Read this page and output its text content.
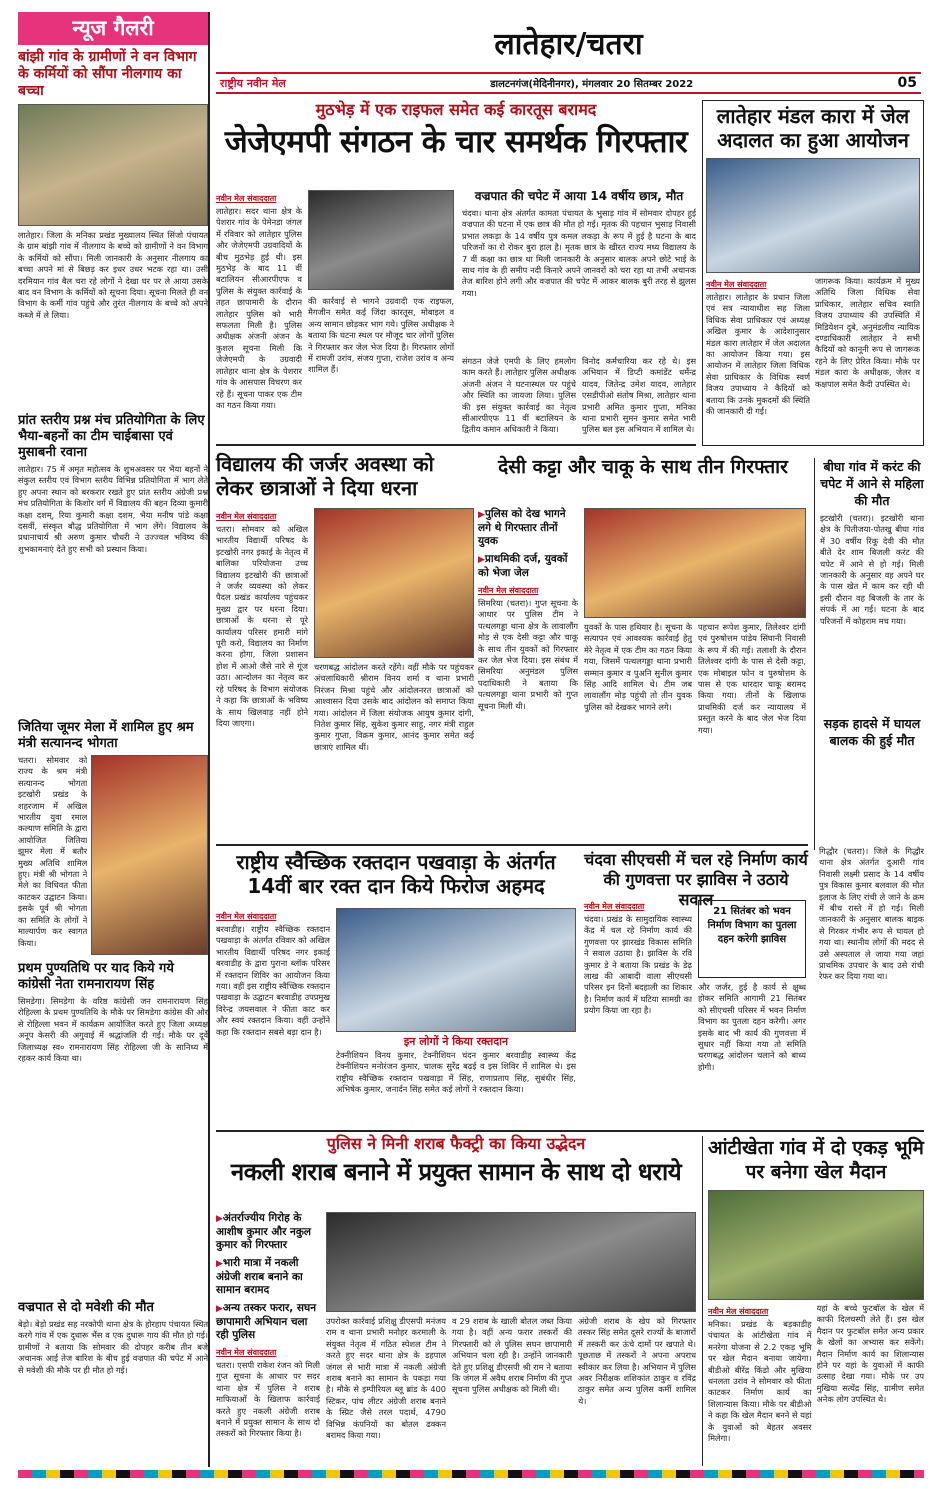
न्यूज गैलरी
बांझी गांव के ग्रामीणों ने वन विभाग के कर्मियों को सौंपा नीलगाय का बच्चा
लातेहार। जिला के मनिका प्रखंड मुख्यालय स्थित सिंजो पंचायत के ग्राम बांझी गांव में नीलगाय के बच्चे को ग्रामीणों ने वन विभाग के कर्मियों को सौंपा। मिली जानकारी के अनुसार नीलगाय का बच्चा अपने मां से बिछड़ कर इधर उधर भटक रहा था। उसी दरमियान गांव बैल चरा रहे लोगों ने देखा घर पर ले आया उसके बाद वन विभाग के कर्मियों को सूचना दिया। सूचना मिलते ही वन विभाग के कर्मी गांव पहुंचे और तुरंत नीलगाय के बच्चे को अपने कब्जे में ले लिया।
प्रांत स्तरीय प्रश्न मंच प्रतियोगिता के लिए भैया-बहनों का टीम चाईबासा एवं मुसाबनी रवाना
लातेहार। 75 में अमृत महोत्सव के शुभअवसर पर भैया बहनों ने संकुल स्तरीय एवं विभाग स्तरीय विभिन्न प्रतियोगिता में भाग लेते हुए अपना स्थान को बरकरार रखते हुए प्रांत स्तरीय अंग्रेजी प्रश्न मंच प्रतियोगिता के किशोर वर्ग में विद्यालय की बहन दिव्या कुमारी कक्षा दशम्, रिया कुमारी कक्षा दशम, भैया मनीष पांडे कक्षा दसवीं, संस्कृत बौद्ध प्रतियोगिता में भाग लेंगे। विद्यालय के प्रधानाचार्य श्री अरुण कुमार चौधरी ने उज्ज्वल भविष्य की शुभकामनाएं देते हुए सभी को प्रस्थान किया।
जितिया जूमर मेला में शामिल हुए श्रम मंत्री सत्यानन्द भोगता
चतरा। सोमवार को राज्य के श्रम मंत्री सत्यानन्द भोगता इटखोरी प्रखंड के शहरजाम में अखिल भारतीय युवा रमाल कल्याण समिति के द्वारा आयोजित जितिया झूमर मेला में बतौर मुख्य अतिथि शामिल हुए। मंत्री श्री भोगता ने मेले का विधिवत फीता काटकर उद्घाटन किया। इसके पूर्व श्री भोगता का समिति के लोगों ने माल्यार्पण कर स्वागत किया।
प्रथम पुण्यतिथि पर याद किये गये कांग्रेसी नेता रामनारायण सिंह
सिमडेगा। सिमडेगा के वरिष्ठ कांग्रेसी जन रामनारायण सिंह रोहिल्ला के प्रथम पुण्यतिथि के मौके पर सिमडेगा कांग्रेस की ओर से रोहिल्ला भवन में कार्यक्रम आयोजित करते हुए जिला अध्यक्ष अनूप केसरी की अगुवाई में श्रद्धांजलि दी गई। मौके पर दूर्वे जिलाध्यक्ष स्व० रामनारायण सिंह रोहिल्ला जी के सानिध्य में रहकर कार्य किया था।
वज्रपात से दो मवेशी की मौत
बेड़ो। बेड़ो प्रखंड सह नरकोपी थाना क्षेत्र के होरहाप पंचायत स्थित करगे गांव में एक दुधारू भैंस व एक दुधारू गाय की मौत हो गई। ग्रामीणों ने बताया कि सोमवार की दोपहर करीब तीन बजे अचानक आई तेज बारिश के बीच हुई वज्रपात की चपेट में आने से मवेशी की मौके पर ही मौत हो गई।
लातेहार/चतरा
राष्ट्रीय नवीन मेल	डालटनगंज(मेदिनीनगर), मंगलवार 20 सितम्बर 2022	05
मुठभेड़ में एक राइफल समेत कई कारतूस बरामद
जेजेएमपी संगठन के चार समर्थक गिरफ्तार
नवीन मेल संवाददाता
लातेहार। सदर थाना क्षेत्र के पेशरार गांव के पेमेनडा जंगल में रविवार को लातेहार पुलिस और जेजेएमपी उग्रवादियों के बीच मुठभेड़ हुई थी। इस मुठभेड़ के बाद 11 वीं बटालियन सीआरपीएफ व पुलिस के संयुक्त कार्रवाई के तहत छापामारी के दौरान लातेहार पुलिस को भारी सफलता मिली है। पुलिस अधीक्षक अंजनी अंजन के कुशल सूचना मिली कि जेजेएमपी के उग्रवादी लातेहार थाना क्षेत्र के पेशरार गांव के आसपास विचरण कर रहे हैं। सूचना पाकर एक टीम का गठन किया गया।
की कार्रवाई से भागने उग्रवादी एक राइफल, मैगजीन समेत कई जिंदा कारतूस, मोबाइल व अन्य सामान छोड़कर भाग गये। पुलिस अधीक्षक ने बताया कि घटना स्थल पर मौजूद चार लोगों पुलिस ने गिरफ्तार कर जेल भेज दिया है। गिरफ्तार लोगों में रामजी उरांव, संजय गुप्ता, राजेश उरांव व अन्य शामिल हैं।
वज्रपात की चपेट में आया 14 वर्षीय छात्र, मौत
चंदवा। थाना क्षेत्र अंतर्गत कामता पंचायत के भुसाड़ गांव में सोमवार दोपहर हुई वज्रपात की घटना में एक छात्र की मौत हो गई। मृतक की पहचान भुसाड़ निवासी प्रभात लकड़ा के 14 वर्षीय पुत्र कमल लकड़ा के रूप में हुई है घटना के बाद परिजनों का रो रोकर बुरा हाल है। मृतक छात्र के खीरत राज्य मध्य विद्यालय के 7 वीं कक्षा का छात्र था मिली जानकारी के अनुसार बालक अपने छोटे भाई के साथ गांव के ही समीप नदी किनारे अपने जानवरों को चरा रहा था तभी अचानक तेज बारिश होने लगी और वज्रपात की चपेट में आकर बालक बुरी तरह से झुलस गया।
संगठन जेजे एमपी के लिए हमलोग काम करते हैं। लातेहार पुलिस अधीक्षक अंजनी अंजन ने घटनास्थल पर पहुंचे और स्थिति का जायजा लिया। पुलिस की इस संयुक्त कार्रवाई का नेतृत्व सीआरपीएफ 11 वीं बटालियन के द्वितीय कमान अधिकारी ने किया।
विनोद कर्मचारिया कर रहे थे। इस अभियान में डिप्टी कमांडेंट धर्मेन्द्र यादव, जितेन्द्र उमेश यादव, लातेहार एसडीपीओ संतोष मिश्रा, लातेहार थाना प्रभारी अमित कुमार गुप्ता, मनिका थाना प्रभारी सुमन कुमार समेत भारी पुलिस बल इस अभियान में शामिल थे।
लातेहार मंडल कारा में जेल अदालत का हुआ आयोजन
नवीन मेल संवाददाता
लातेहार। लातेहार के प्रधान जिला एवं सत्र न्यायाधीश सह जिला विधिक सेवा प्राधिकार एवं अध्यक्ष अखिल कुमार के आदेशानुसार मंडल कारा लातेहार में जेल अदालत का आयोजन किया गया। इस आयोजन में लातेहार जिला विधिक सेवा प्राधिकार के विधिक स्वर्ण विजय उपाध्याय ने कैदियों को बताया कि उनके मुकदमों की स्थिति की जानकारी दी गई।
जागरूक किया। कार्यक्रम में मुख्य अतिथि जिला विधिक सेवा प्राधिकार, लातेहार सचिव स्वाति विजय उपाध्याय की उपस्थिति में मिडियेशन दुबे, अनुमंडलीय न्यायिक दण्डाधिकारी लातेहार ने सभी कैदियों को कानूनी रूप से जागरूक रहने के लिए प्रेरित किया। मौके पर मंडल कारा के अधीक्षक, जेलर व कक्षपाल समेत कैदी उपस्थित थे।
विद्यालय की जर्जर अवस्था को लेकर छात्राओं ने दिया धरना
नवीन मेल संवाददाता
चतरा। सोमवार को अखिल भारतीय विद्यार्थी परिषद के इटखोरी नगर इकाई के नेतृत्व में बालिका परियोजना उच्च विद्यालय इटखोरी की छात्राओं ने जर्जर व्यवस्था को लेकर पैदल प्रखंड कार्यालय पहुंचकर मुख्य द्वार पर धरना दिया। छात्राओं के धरना से पूरे कार्यालय परिसर हमारी मांगे पूरी करो, विद्यालय का निर्माण करना होगा, जिला प्रशासन होश में आओ जैसे नारे से गूंज उठा। आन्दोलन का नेतृत्व कर रहे परिषद के विभाग संयोजक ने कहा कि छात्राओं के भविष्य के साथ खिलवाड़ नहीं होने दिया जाएगा।
चरणबद्ध आंदोलन करते रहेंगे। वहीं मौके पर पहुंचकर अंचलाधिकारी श्रीराम विनय शर्मा व थाना प्रभारी निरंजन मिश्रा पहुंचे और आंदोलनरत छात्राओं को आश्वासन दिया उसके बाद आंदोलन को समाप्त किया गया। आंदोलन में जिला संयोजक आयुष कुमार दांगी, नितेश कुमार सिंह, सुकेश कुमार साहू, नगर मंत्री राहुल कुमार गुप्ता, विक्रम कुमार, आनंद कुमार समेत कई छात्राएं शामिल थीं।
देसी कट्टा और चाकू के साथ तीन गिरफ्तार
▶ पुलिस को देख भागने लगे थे गिरफ्तार तीनों युवक
▶ प्राथमिकी दर्ज, युवकों को भेजा जेल
नवीन मेल संवाददाता
सिमरिया (चतरा)। गुप्त सूचना के आधार पर पुलिस टीम ने पत्थलगड्डा थाना क्षेत्र के लावालौंग मोड़ से एक देसी कट्टा और चाकू के साथ तीन युवकों को गिरफ्तार कर जेल भेज दिया। इस संबंध में सिमरिया अनुमंडल पुलिस पदाधिकारी ने बताया कि पत्थलगड्डा थाना प्रभारी को गुप्त सूचना मिली थी।
युवकों के पास हथियार है। सूचना के सत्यापन एवं आवश्यक कार्रवाई हेतु मेरे नेतृत्व में एक टीम का गठन किया गया, जिसमें पत्थलगड्डा थाना प्रभारी सम्मान कुमार व पुअनि सुनील कुमार सिंह आदि शामिल थे। टीम जब लावालौंग मोड़ पहुंची तो तीन युवक पुलिस को देखकर भागने लगे।
पहचान रूपेश कुमार, तिलेश्वर दांगी एवं पुरुषोत्तम पांडेय सिंघानी निवासी के रूप में की गई। तलाशी के दौरान तिलेश्वर दांगी के पास से देसी कट्टा, एक मोबाइल फोन व पुरुषोत्तम के पास से एक धारदार चाकू बरामद किया गया। तीनों के खिलाफ प्राथमिकी दर्ज कर न्यायालय में प्रस्तुत करने के बाद जेल भेज दिया गया।
बीघा गांव में करंट की चपेट में आने से महिला की मौत
इटखोरी (चतरा)। इटखोरी थाना क्षेत्र के पितीजया-पोतखु बीघा गांव में 30 वर्षीय रिंकू देवी की मौत बीते देर शाम बिजली करंट की चपेट में आने से हो गई। मिली जानकारी के अनुसार वह अपने घर के पास खेत में काम कर रही थी इसी दौरान वह बिजली के तार के संपर्क में आ गई। घटना के बाद परिजनों में कोहराम मच गया।
सड़क हादसे में घायल बालक की हुई मौत
गिद्धौर (चतरा)। जिले के गिद्धौर थाना क्षेत्र अंतर्गत दुआरी गांव निवासी लक्ष्मी प्रसाद के 14 वर्षीय पुत्र विकास कुमार बलवाल की मौत इलाज के लिए रांची ले जाने के क्रम में बीच रास्ते में हो गई। मिली जानकारी के अनुसार बालक बाइक से गिरकर गंभीर रूप से घायल हो गया था। स्थानीय लोगों की मदद से उसे अस्पताल ले जाया गया जहां प्राथमिक उपचार के बाद उसे रांची रेफर कर दिया गया था।
राष्ट्रीय स्वैच्छिक रक्तदान पखवाड़ा के अंतर्गत 14वीं बार रक्त दान किये फिरोज अहमद
नवीन मेल संवाददाता
बरवाडीह। राष्ट्रीय स्वैच्छिक रक्तदान पखवाड़ा के अंतर्गत रविवार को अखिल भारतीय विद्यार्थी परिषद नगर इकाई बरवाडीह के द्वारा पुराना ब्लॉक परिसर में रक्तदान शिविर का आयोजन किया गया। वहीं इस राष्ट्रीय स्वैच्छिक रक्तदान पखवाड़ा के उद्घाटन बरवाडीह उपप्रमुख विरेन्द्र जयसवाल ने फीता काट कर और स्वयं रक्तदान किया। वहीं उन्होंने कहा कि रक्तदान सबसे बड़ा दान है।
इन लोगों ने किया रक्तदान
टेक्नीशियन विनय कुमार, टेक्नीशियन चंदन कुमार बरवाडीह स्वास्थ्य केंद्र टेक्नीशियन मनोरंजन कुमार, चालक सुरेंद्र बढ़ई व इस शिविर में शामिल थे। इस राष्ट्रीय स्वैच्छिक रक्तदान पखवाड़ा में सिंह, राणाप्रताप सिंह, सुबंधीर सिंह, अभिषेक कुमार, जनार्दन सिंह समेत कई लोगों ने रक्तदान किया।
चंदवा सीएचसी में चल रहे निर्माण कार्य की गुणवत्ता पर झाविस ने उठाये सवाल
नवीन मेल संवाददाता
चंदवा। प्रखंड के सामुदायिक स्वास्थ्य केंद्र में चल रहे निर्माण कार्य की गुणवत्ता पर झारखंड विकास समिति ने सवाल उठाया है। झाविस के रवि कुमार डे ने बताया कि प्रखंड के डेढ़ लाख की आबादी वाला सीएचसी परिसर इन दिनों बदहाली का शिकार है। निर्माण कार्य में घटिया सामग्री का प्रयोग किया जा रहा है।
21 सितंबर को भवन निर्माण विभाग का पुतला दहन करेगी झाविस
और जर्जर, हुई है कार्य से क्षुब्ध होकर समिति आगामी 21 सितंबर को सीएचसी परिसर में भवन निर्माण विभाग का पुतला दहन करेगी। अगर इसके बाद भी कार्य की गुणवत्ता में सुधार नहीं किया गया तो समिति चरणबद्ध आंदोलन चलाने को बाध्य होगी।
पुलिस ने मिनी शराब फैक्ट्री का किया उद्भेदन
नकली शराब बनाने में प्रयुक्त सामान के साथ दो धराये
▶ अंतर्राज्यीय गिरोह के आशीष कुमार और नकुल कुमार को गिरफ्तार
▶ भारी मात्रा में नकली अंग्रेजी शराब बनाने का सामान बरामद
▶ अन्य तस्कर फरार, सघन छापामारी अभियान चला रही पुलिस
नवीन मेल संवाददाता
चतरा। एसपी राकेश रंजन को मिली गुप्त सूचना के आधार पर सदर थाना क्षेत्र में पुलिस ने शराब माफियाओं के खिलाफ कार्रवाई करते हुए नकली अंग्रेजी शराब बनाने में प्रयुक्त सामान के साथ दो तस्करों को गिरफ्तार किया है।
उपरोक्त कार्रवाई प्रशिक्षु डीएसपी मनंजय राम व थाना प्रभारी मनोहर करमाली के संयुक्त नेतृत्व में गठित स्पेशल टीम ने करते हुए सदर थाना क्षेत्र के डहपाल जंगल से भारी मात्रा में नकली अंग्रेजी शराब बनाने का सामान के पकड़ा गया है। मौके से इम्पीरियल ब्लू ब्रांड के 400 स्टिकर, पांच लीटर अंग्रेजी शराब बनाने के स्प्रिट जैसे तरल पदार्थ, 4790 विभिन्न कंपनियों का बोतल ढक्कन बरामद किया गया।
व 29 शराब के खाली बोतल जब्त किया गया है। वहीं अन्य फरार तस्करों की गिरफ्तारी को ले पुलिस सघन छापामारी अभियान चला रही है। उन्होंने जानकारी देते हुए प्रशिक्षु डीएसपी श्री राम ने बताया कि जंगल में अवैध शराब निर्माण की गुप्त सूचना पुलिस अधीक्षक को मिली थी।
अंग्रेजी शराब के खेप को गिरफ्तार तस्कर सिंह समेत दूसरे राज्यों के बाजारों में तस्करी कर ऊंचे दामों पर खपाते थे। पूछताछ में तस्करों ने अपना अपराध स्वीकार कर लिया है। अभियान में पुलिस अवर निरीक्षक शशिकांत ठाकुर व रविंद्र ठाकुर समेत अन्य पुलिस कर्मी शामिल थे।
आंटीखेता गांव में दो एकड़ भूमि पर बनेगा खेल मैदान
नवीन मेल संवाददाता
मनिका। प्रखंड के बड़काडीह पंचायत के आंटीखेता गांव में मनरेगा योजना से 2.2 एकड़ भूमि पर खेल मैदान बनाया जायेगा। बीडीओ बीरेंद्र किंडो और मुखिया धनलता उरांव ने सोमवार को फीता काटकर निर्माण कार्य का शिलान्यास किया। मौके पर बीडीओ ने कहा कि खेल मैदान बनने से यहां के युवाओं को बेहतर अवसर मिलेगा।
यहां के बच्चे फुटबॉल के खेल में काफी दिलचस्पी लेते हैं। इस खेल मैदान पर फुटबॉल समेत अन्य प्रकार के खेलों का अभ्यास कर सकेंगे। मैदान निर्माण कार्य का शिलान्यास होने पर यहां के युवाओं में काफी उत्साह देखा गया। मौके पर उप मुखिया सत्येंद्र सिंह, ग्रामीण समेत अनेक लोग उपस्थित थे।
